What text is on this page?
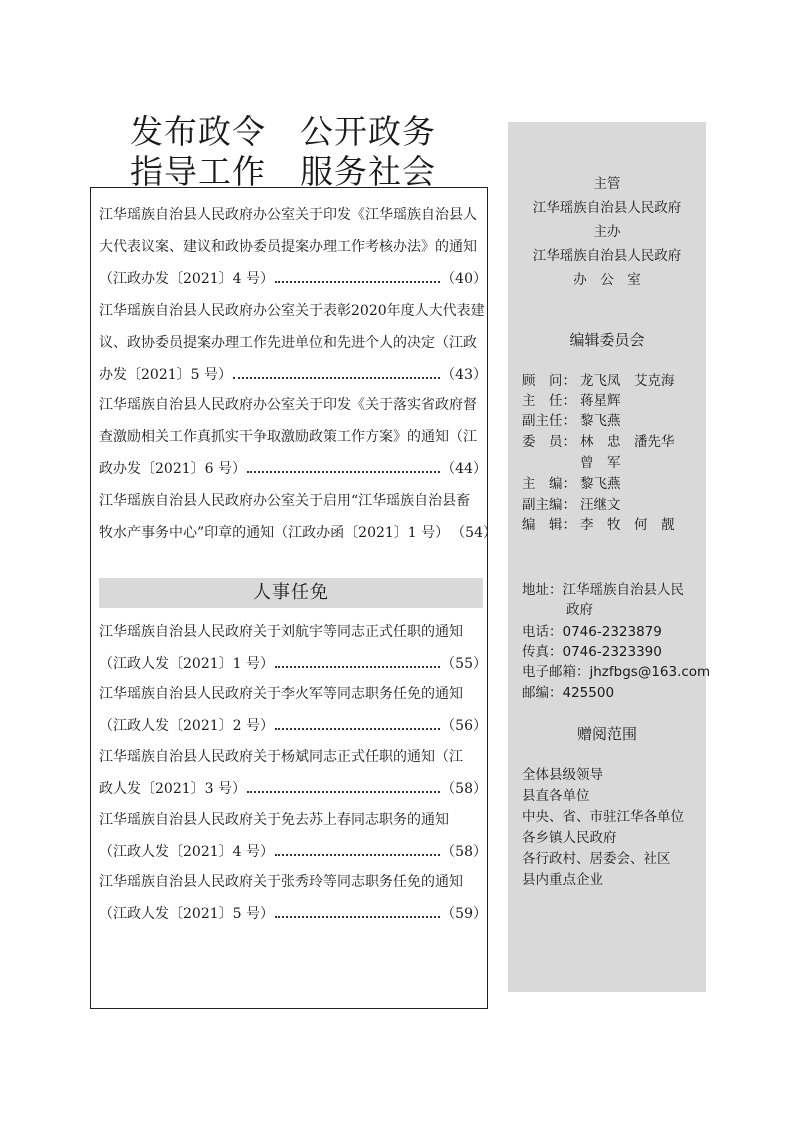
发布政令 公开政务
指导工作 服务社会
江华瑶族自治县人民政府办公室关于印发《江华瑶族自治县人
大代表议案、建议和政协委员提案办理工作考核办法》的通知
（江政办发〔2021〕4 号）	（40）
江华瑶族自治县人民政府办公室关于表彰2020年度人大代表建
议、政协委员提案办理工作先进单位和先进个人的决定（江政
办发〔2021〕5 号）	（43）
江华瑶族自治县人民政府办公室关于印发《关于落实省政府督
查激励相关工作真抓实干争取激励政策工作方案》的通知（江
政办发〔2021〕6 号）	（44）
江华瑶族自治县人民政府办公室关于启用“江华瑶族自治县畜
牧水产事务中心”印章的通知（江政办函〔2021〕1 号） （54）
人事任免
江华瑶族自治县人民政府关于刘航宇等同志正式任职的通知
（江政人发〔2021〕1 号）	（55）
江华瑶族自治县人民政府关于李火军等同志职务任免的通知
（江政人发〔2021〕2 号）	（56）
江华瑶族自治县人民政府关于杨斌同志正式任职的通知（江
政人发〔2021〕3 号）	（58）
江华瑶族自治县人民政府关于免去苏上春同志职务的通知
（江政人发〔2021〕4 号）	（58）
江华瑶族自治县人民政府关于张秀玲等同志职务任免的通知
（江政人发〔2021〕5 号）	（59）
主管
江华瑶族自治县人民政府
主办
江华瑶族自治县人民政府
办　公　室
编辑委员会
顾　问： 龙飞凤　艾克海
主　任： 蒋星辉
副主任： 黎飞燕
委　员： 林　忠　潘先华
曾　军
主　编： 黎飞燕
副主编： 汪继文
编　辑： 李　牧　何　靓
地址：江华瑶族自治县人民
政府
电话：0746-2323879
传真：0746-2323390
电子邮箱：jhzfbgs@163.com
邮编：425500
赠阅范围
全体县级领导
县直各单位
中央、省、市驻江华各单位
各乡镇人民政府
各行政村、居委会、社区
县内重点企业
